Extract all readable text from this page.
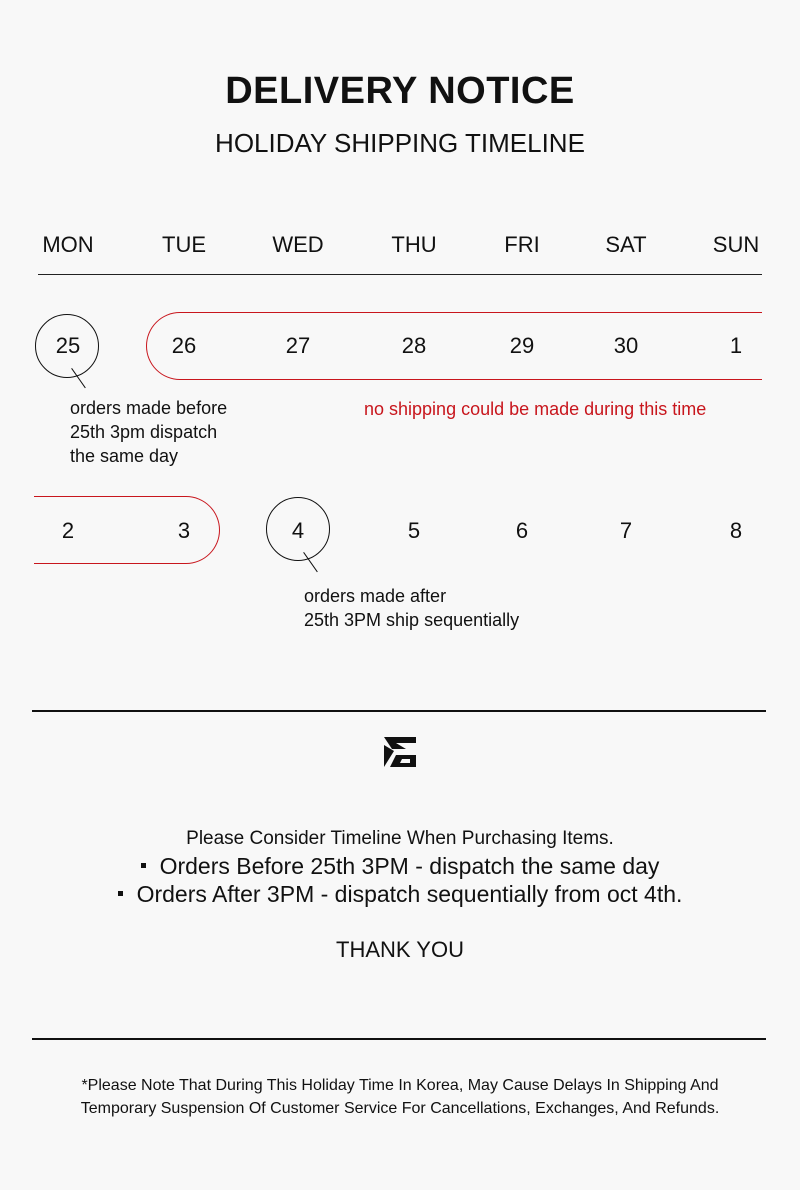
DELIVERY NOTICE
HOLIDAY SHIPPING TIMELINE
MON	TUE	WED	THU	FRI	SAT	SUN
25	26	27	28	29	30	1
orders made before
25th 3pm dispatch
the same day
no shipping could be made during this time
2	3	4	5	6	7	8
orders made after
25th 3PM ship sequentially
Please Consider Timeline When Purchasing Items.
Orders Before 25th 3PM - dispatch the same day
Orders After 3PM - dispatch sequentially from oct 4th.
THANK YOU
*Please Note That During This Holiday Time In Korea, May Cause Delays In Shipping And
Temporary Suspension Of Customer Service For Cancellations, Exchanges, And Refunds.
